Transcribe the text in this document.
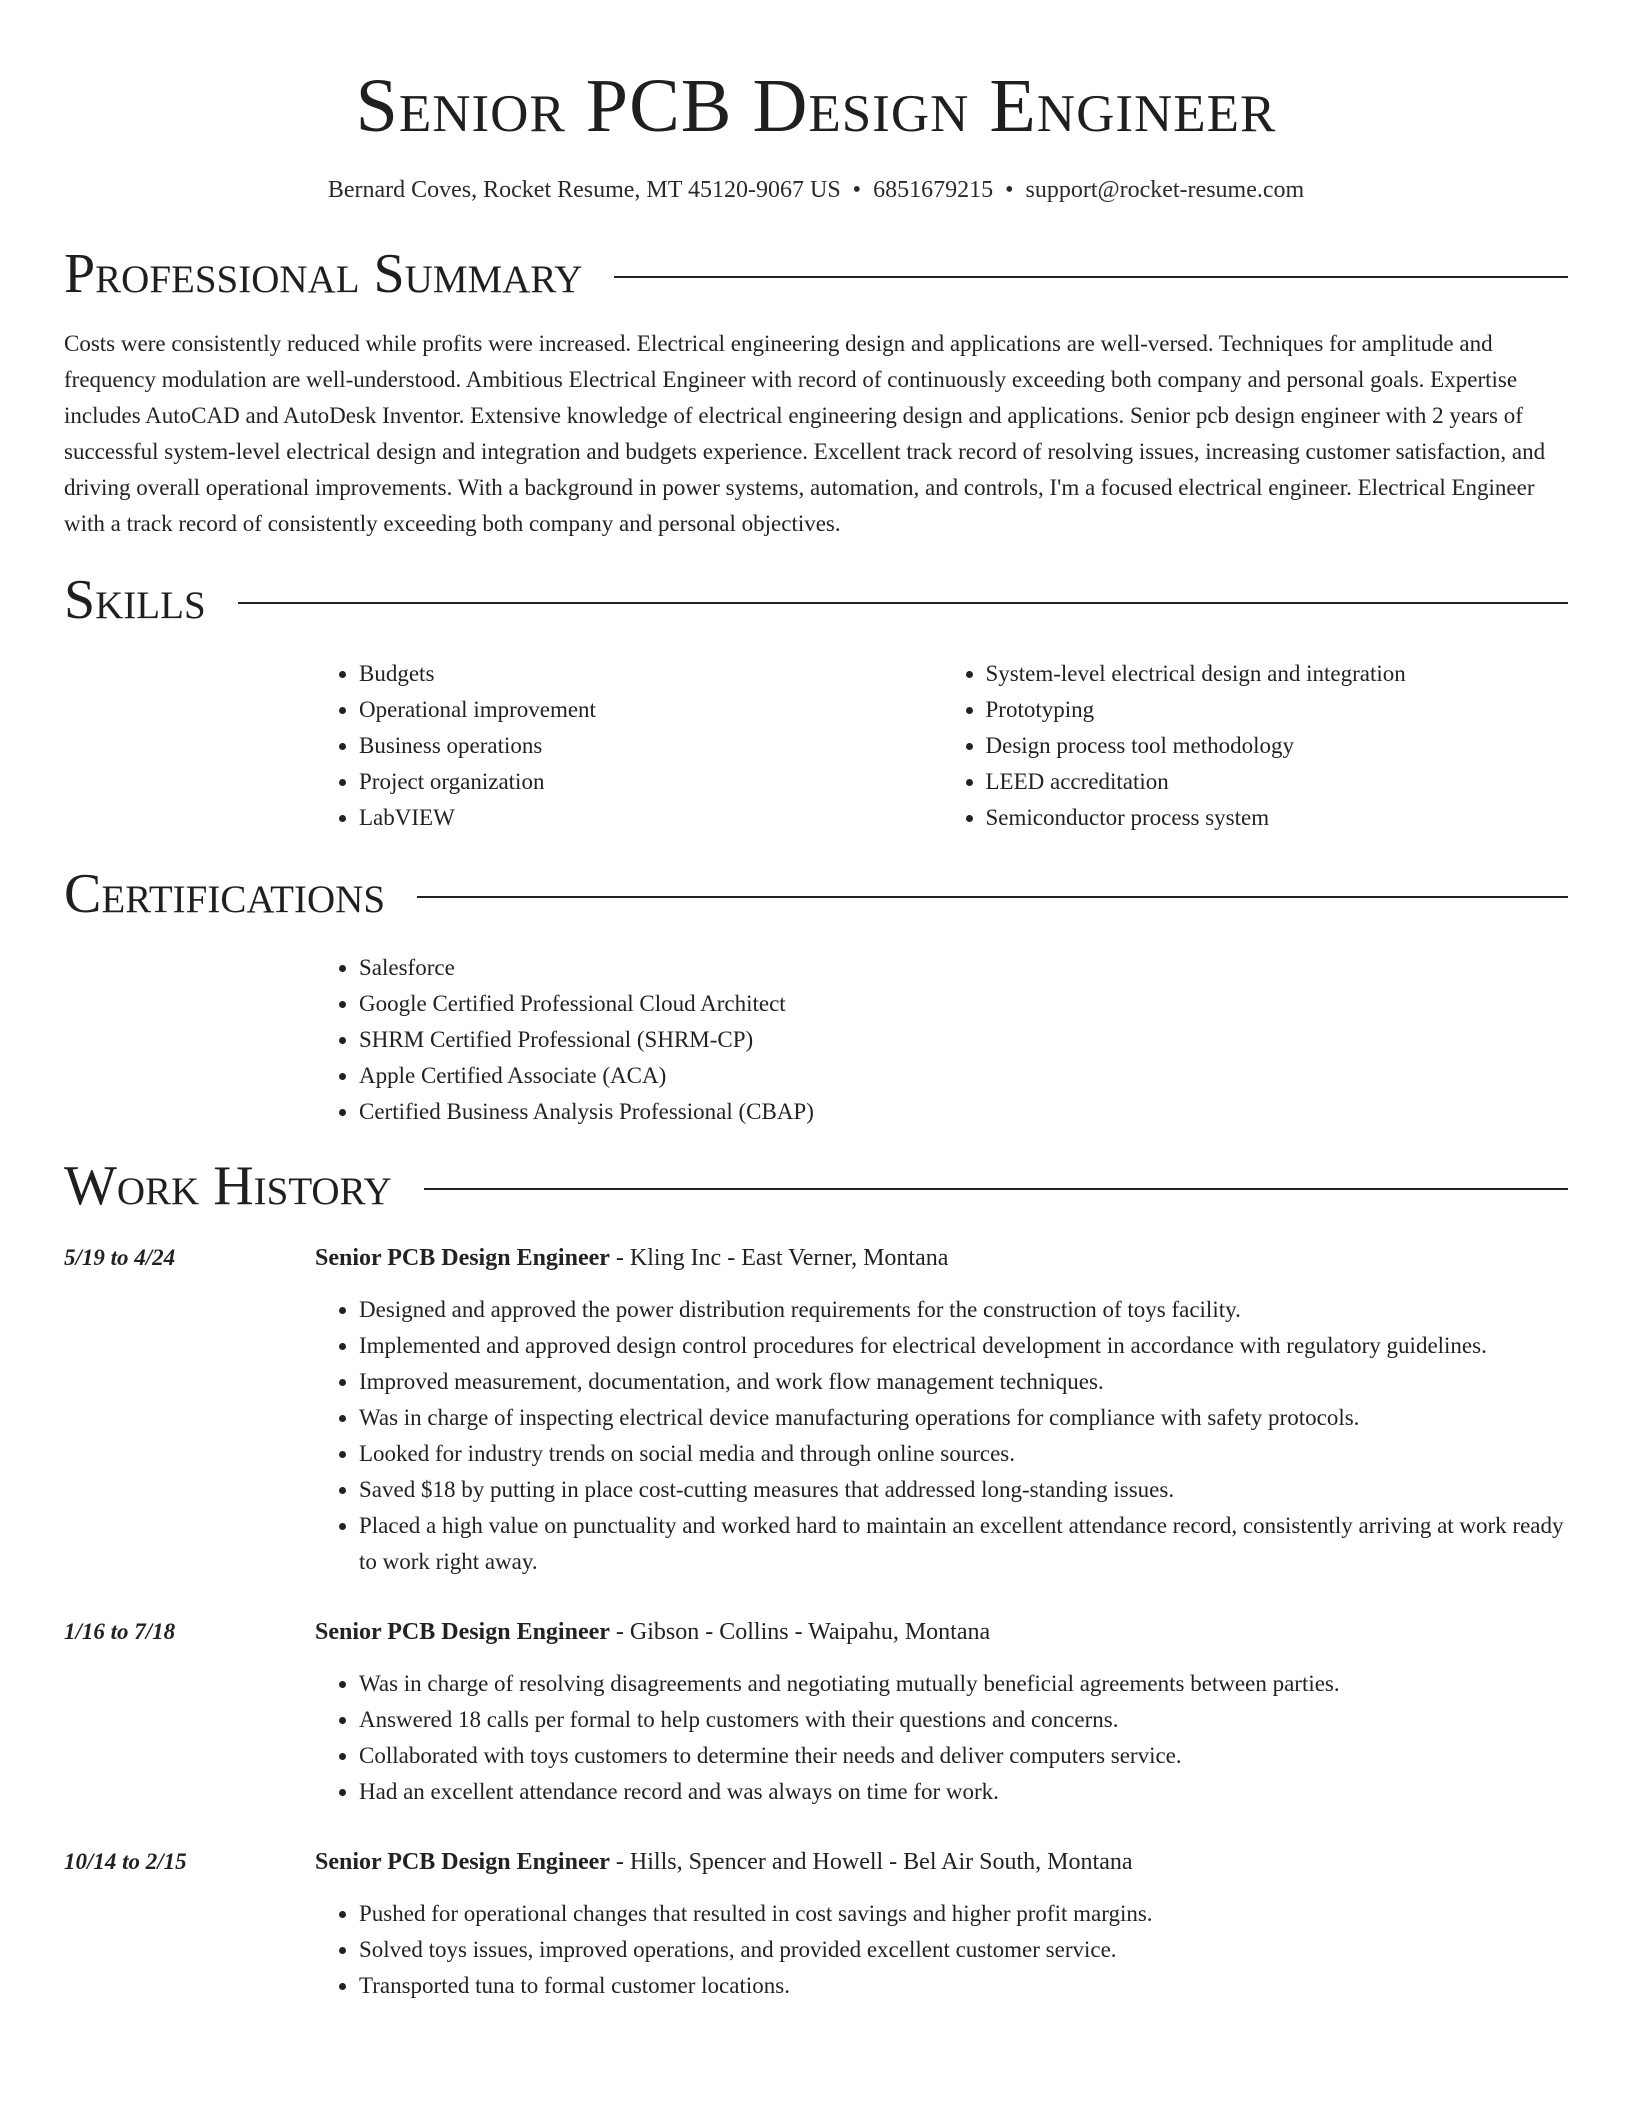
Senior PCB Design Engineer
Bernard Coves, Rocket Resume, MT 45120-9067 US • 6851679215 • support@rocket-resume.com
Professional Summary

Costs were consistently reduced while profits were increased. Electrical engineering design and applications are well-versed. Techniques for amplitude and frequency modulation are well-understood. Ambitious Electrical Engineer with record of continuously exceeding both company and personal goals. Expertise includes AutoCAD and AutoDesk Inventor. Extensive knowledge of electrical engineering design and applications. Senior pcb design engineer with 2 years of successful system-level electrical design and integration and budgets experience. Excellent track record of resolving issues, increasing customer satisfaction, and driving overall operational improvements. With a background in power systems, automation, and controls, I'm a focused electrical engineer. Electrical Engineer with a track record of consistently exceeding both company and personal objectives.

Skills
• Budgets
• Operational improvement
• Business operations
• Project organization
• LabVIEW
• System-level electrical design and integration
• Prototyping
• Design process tool methodology
• LEED accreditation
• Semiconductor process system
Certifications
• Salesforce
• Google Certified Professional Cloud Architect
• SHRM Certified Professional (SHRM-CP)
• Apple Certified Associate (ACA)
• Certified Business Analysis Professional (CBAP)
Work History
5/19 to 4/24	Senior PCB Design Engineer - Kling Inc - East Verner, Montana
• Designed and approved the power distribution requirements for the construction of toys facility.
• Implemented and approved design control procedures for electrical development in accordance with regulatory guidelines.
• Improved measurement, documentation, and work flow management techniques.
• Was in charge of inspecting electrical device manufacturing operations for compliance with safety protocols.
• Looked for industry trends on social media and through online sources.
• Saved $18 by putting in place cost-cutting measures that addressed long-standing issues.
• Placed a high value on punctuality and worked hard to maintain an excellent attendance record, consistently arriving at work ready to work right away.
1/16 to 7/18	Senior PCB Design Engineer - Gibson - Collins - Waipahu, Montana
• Was in charge of resolving disagreements and negotiating mutually beneficial agreements between parties.
• Answered 18 calls per formal to help customers with their questions and concerns.
• Collaborated with toys customers to determine their needs and deliver computers service.
• Had an excellent attendance record and was always on time for work.
10/14 to 2/15	Senior PCB Design Engineer - Hills, Spencer and Howell - Bel Air South, Montana
• Pushed for operational changes that resulted in cost savings and higher profit margins.
• Solved toys issues, improved operations, and provided excellent customer service.
• Transported tuna to formal customer locations.
